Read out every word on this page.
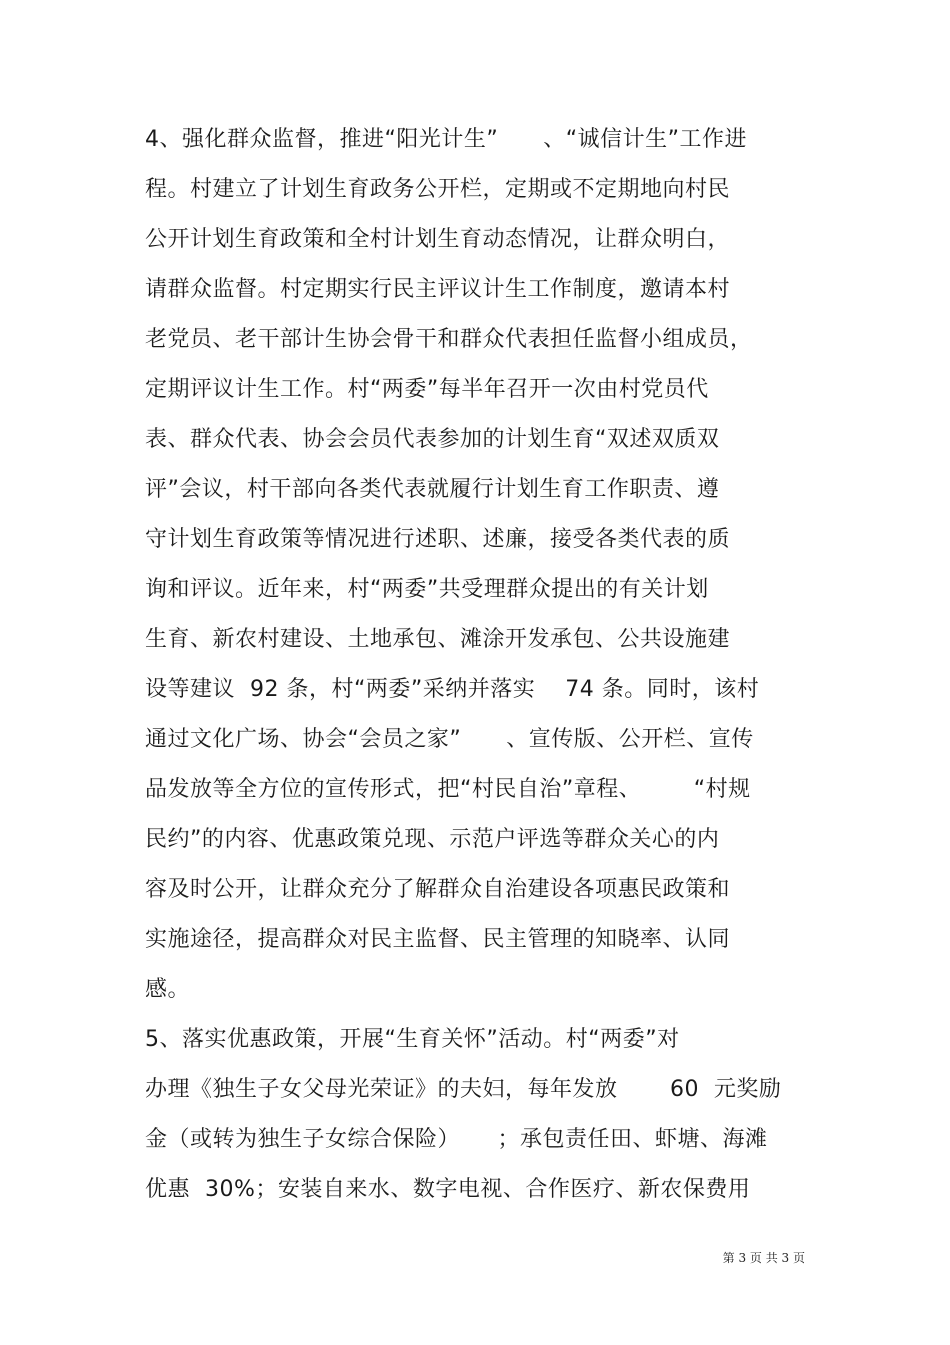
4、强化群众监督，推进“阳光计生”      、“诚信计生”工作进
程。村建立了计划生育政务公开栏，定期或不定期地向村民
公开计划生育政策和全村计划生育动态情况，让群众明白，
请群众监督。村定期实行民主评议计生工作制度，邀请本村
老党员、老干部计生协会骨干和群众代表担任监督小组成员，
定期评议计生工作。村“两委”每半年召开一次由村党员代
表、群众代表、协会会员代表参加的计划生育“双述双质双
评”会议，村干部向各类代表就履行计划生育工作职责、遵
守计划生育政策等情况进行述职、述廉，接受各类代表的质
询和评议。近年来，村“两委”共受理群众提出的有关计划
生育、新农村建设、土地承包、滩涂开发承包、公共设施建
设等建议  92 条，村“两委”采纳并落实    74 条。同时，该村
通过文化广场、协会“会员之家”      、宣传版、公开栏、宣传
品发放等全方位的宣传形式，把“村民自治”章程、       “村规
民约”的内容、优惠政策兑现、示范户评选等群众关心的内
容及时公开，让群众充分了解群众自治建设各项惠民政策和
实施途径，提高群众对民主监督、民主管理的知晓率、认同
感。
5、落实优惠政策，开展“生育关怀”活动。村“两委”对
办理《独生子女父母光荣证》的夫妇，每年发放       60  元奖励
金（或转为独生子女综合保险）     ；承包责任田、虾塘、海滩
优惠  30%；安装自来水、数字电视、合作医疗、新农保费用
第 3 页 共 3 页
